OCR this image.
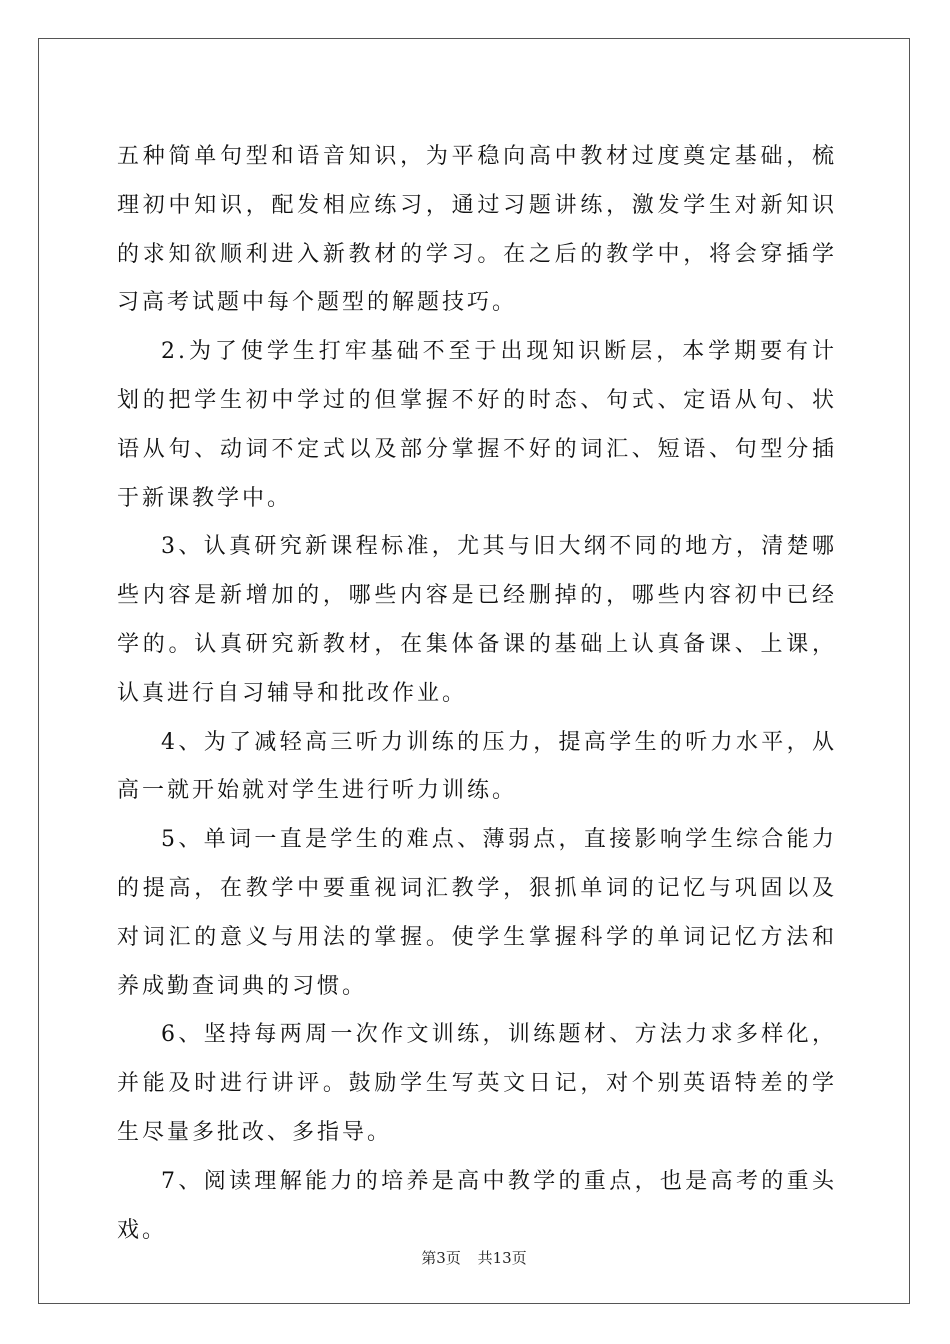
五种简单句型和语音知识，为平稳向高中教材过度奠定基础，梳理初中知识，配发相应练习，通过习题讲练，激发学生对新知识的求知欲顺利进入新教材的学习。在之后的教学中，将会穿插学习高考试题中每个题型的解题技巧。

2.为了使学生打牢基础不至于出现知识断层，本学期要有计划的把学生初中学过的但掌握不好的时态、句式、定语从句、状语从句、动词不定式以及部分掌握不好的词汇、短语、句型分插于新课教学中。

3、认真研究新课程标准，尤其与旧大纲不同的地方，清楚哪些内容是新增加的，哪些内容是已经删掉的，哪些内容初中已经学的。认真研究新教材，在集体备课的基础上认真备课、上课，认真进行自习辅导和批改作业。

4、为了减轻高三听力训练的压力，提高学生的听力水平，从高一就开始就对学生进行听力训练。

5、单词一直是学生的难点、薄弱点，直接影响学生综合能力的提高，在教学中要重视词汇教学，狠抓单词的记忆与巩固以及对词汇的意义与用法的掌握。使学生掌握科学的单词记忆方法和养成勤查词典的习惯。

6、坚持每两周一次作文训练，训练题材、方法力求多样化，并能及时进行讲评。鼓励学生写英文日记，对个别英语特差的学生尽量多批改、多指导。

7、阅读理解能力的培养是高中教学的重点，也是高考的重头戏。

第3页 共13页
